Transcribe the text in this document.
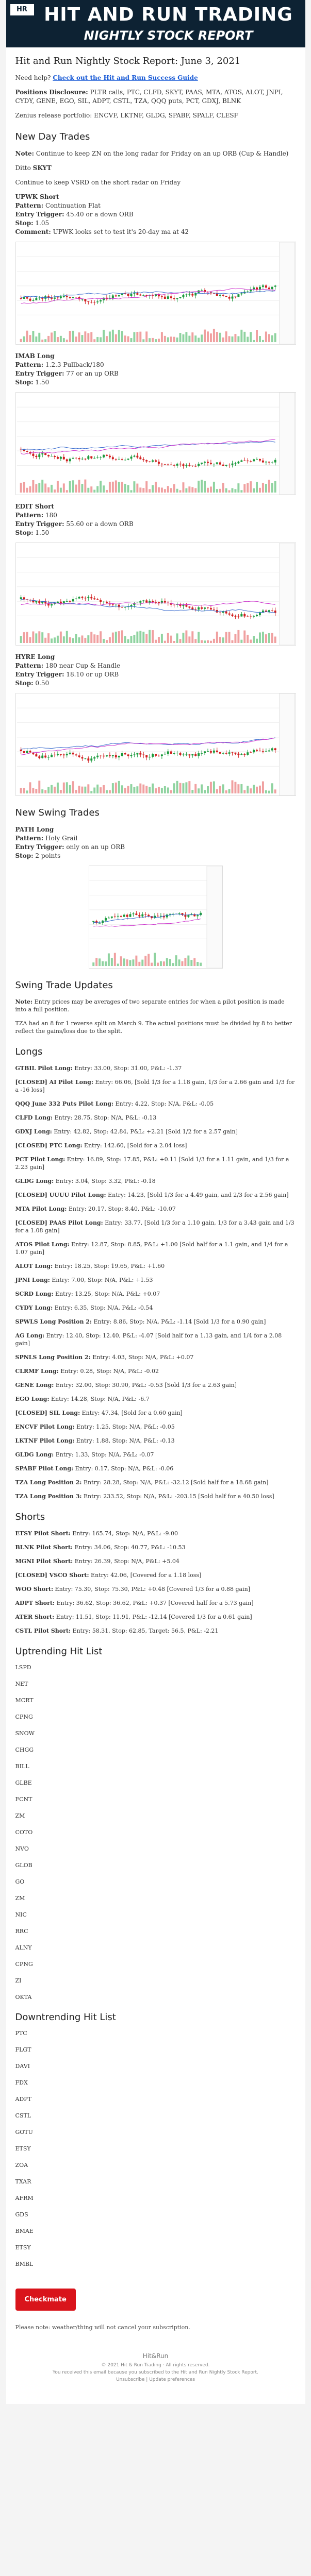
HR HIT AND RUN TRADING
NIGHTLY STOCK REPORT
Hit and Run Nightly Stock Report: June 3, 2021

Need help? Check out the Hit and Run Success Guide

Positions Disclosure: PLTR calls, PTC, CLFD, SKYT, PAAS, MTA, ATOS, ALOT, JNPI, CYDY, GENE, EGO, SIL, ADPT, CSTL, TZA, QQQ puts, PCT, GDXJ, BLNK

Zenius release portfolio: ENCVF, LKTNF, GLDG, SPABF, SPALF, CLESF

New Day Trades

Note: Continue to keep ZN on the long radar for Friday on an up ORB (Cup & Handle)

Ditto SKYT

Continue to keep VSRD on the short radar on Friday

UPWK Short

Pattern: Continuation Flat

Entry Trigger: 45.40 or a down ORB

Stop: 1.05

Comment: UPWK looks set to test it's 20-day ma at 42

IMAB Long

Pattern: 1.2.3 Pullback/180

Entry Trigger: 77 or an up ORB

Stop: 1.50

EDIT Short

Pattern: 180

Entry Trigger: 55.60 or a down ORB

Stop: 1.50

HYRE Long

Pattern: 180 near Cup & Handle

Entry Trigger: 18.10 or up ORB

Stop: 0.50

New Swing Trades

PATH Long

Pattern: Holy Grail

Entry Trigger: only on an up ORB

Stop: 2 points

Swing Trade Updates

Note: Entry prices may be averages of two separate entries for when a pilot position is made into a full position.

TZA had an 8 for 1 reverse split on March 9. The actual positions must be divided by 8 to better reflect the gains/loss due to the split.

Longs

GTBIL Pilot Long: Entry: 33.00, Stop: 31.00, P&L: -1.37

[CLOSED] AI Pilot Long: Entry: 66.06, [Sold 1/3 for a 1.18 gain, 1/3 for a 2.66 gain and 1/3 for a -16 loss]

QQQ June 332 Puts Pilot Long: Entry: 4.22, Stop: N/A, P&L: -0.05

CLFD Long: Entry: 28.75, Stop: N/A, P&L: -0.13

GDXJ Long: Entry: 42.82, Stop: 42.84, P&L: +2.21 [Sold 1/2 for a 2.57 gain]

[CLOSED] PTC Long: Entry: 142.60, [Sold for a 2.04 loss]

PCT Pilot Long: Entry: 16.89, Stop: 17.85, P&L: +0.11 [Sold 1/3 for a 1.11 gain, and 1/3 for a 2.23 gain]

GLDG Long: Entry: 3.04, Stop: 3.32, P&L: -0.18

[CLOSED] UUUU Pilot Long: Entry: 14.23, [Sold 1/3 for a 4.49 gain, and 2/3 for a 2.56 gain]

MTA Pilot Long: Entry: 20.17, Stop: 8.40, P&L: -10.07

[CLOSED] PAAS Pilot Long: Entry: 33.77, [Sold 1/3 for a 1.10 gain, 1/3 for a 3.43 gain and 1/3 for a 1.08 gain]

ATOS Pilot Long: Entry: 12.87, Stop: 8.85, P&L: +1.00 [Sold half for a 1.1 gain, and 1/4 for a 1.07 gain]

ALOT Long: Entry: 18.25, Stop: 19.65, P&L: +1.60

JPNI Long: Entry: 7.00, Stop: N/A, P&L: +1.53

SCRD Long: Entry: 13.25, Stop: N/A, P&L: +0.07

CYDY Long: Entry: 6.35, Stop: N/A, P&L: -0.54

SPWLS Long Position 2: Entry: 8.86, Stop: N/A, P&L: -1.14 [Sold 1/3 for a 0.90 gain]

AG Long: Entry: 12.40, Stop: 12.40, P&L: -4.07 [Sold half for a 1.13 gain, and 1/4 for a 2.08 gain]

SPNLS Long Position 2: Entry: 4.03, Stop: N/A, P&L: +0.07

CLRMF Long: Entry: 0.28, Stop: N/A, P&L: -0.02

GENE Long: Entry: 32.00, Stop: 30.90, P&L: -0.53 [Sold 1/3 for a 2.63 gain]

EGO Long: Entry: 14.28, Stop: N/A, P&L: -6.7

[CLOSED] SIL Long: Entry: 47.34, [Sold for a 0.60 gain]

ENCVF Pilot Long: Entry: 1.25, Stop: N/A, P&L: -0.05

LKTNF Pilot Long: Entry: 1.88, Stop: N/A, P&L: -0.13

GLDG Long: Entry: 1.33, Stop: N/A, P&L: -0.07

SPABF Pilot Long: Entry: 0.17, Stop: N/A, P&L: -0.06

TZA Long Position 2: Entry: 28.28, Stop: N/A, P&L: -32.12 [Sold half for a 18.68 gain]

TZA Long Position 3: Entry: 233.52, Stop: N/A, P&L: -203.15 [Sold half for a 40.50 loss]

Shorts

ETSY Pilot Short: Entry: 165.74, Stop: N/A, P&L: -9.00

BLNK Pilot Short: Entry: 34.06, Stop: 40.77, P&L: -10.53

MGNI Pilot Short: Entry: 26.39, Stop: N/A, P&L: +5.04

[CLOSED] VSCO Short: Entry: 42.06, [Covered for a 1.18 loss]

WOO Short: Entry: 75.30, Stop: 75.30, P&L: +0.48 [Covered 1/3 for a 0.88 gain]

ADPT Short: Entry: 36.62, Stop: 36.62, P&L: +0.37 [Covered half for a 5.73 gain]

ATER Short: Entry: 11.51, Stop: 11.91, P&L: -12.14 [Covered 1/3 for a 0.61 gain]

CSTL Pilot Short: Entry: 58.31, Stop: 62.85, Target: 56.5, P&L: -2.21

Uptrending Hit List
LSPD
NET
MCRT
CPNG
SNOW
CHGG
BILL
GLBE
FCNT
ZM
COTO
NVO
GLOB
GO
ZM
NIC
RRC
ALNY
CPNG
ZI
OKTA
Downtrending Hit List
PTC
FLGT
DAVI
FDX
ADPT
CSTL
GOTU
ETSY
ZOA
TXAR
AFRM
GDS
BMAE
ETSY
BMBL
Checkmate

Please note: weather/thing will not cancel your subscription.

Hit&Run
© 2021 Hit & Run Trading · All rights reserved.
You received this email because you subscribed to the Hit and Run Nightly Stock Report.
Unsubscribe | Update preferences
